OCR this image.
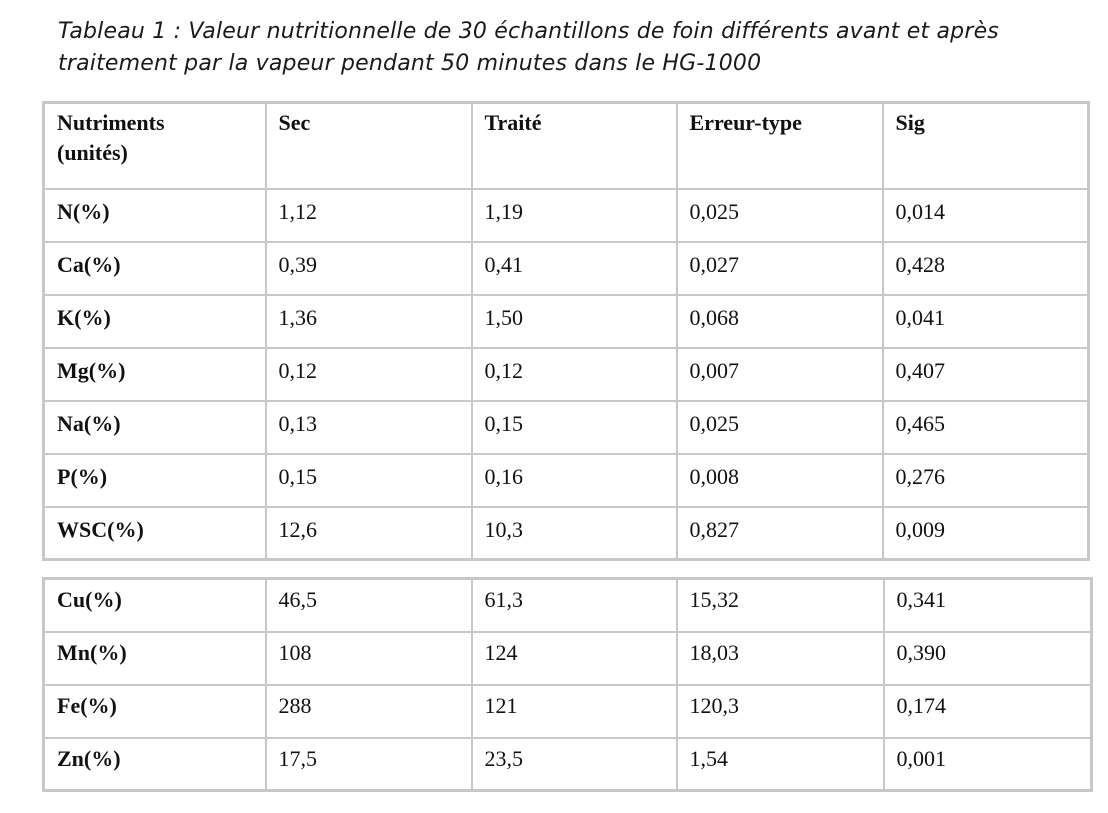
Tableau 1 : Valeur nutritionnelle de 30 échantillons de foin différents avant et après
traitement par la vapeur pendant 50 minutes dans le HG-1000

Nutriments
(unités)	Sec	Traité	Erreur-type	Sig
N(%)	1,12	1,19	0,025	0,014
Ca(%)	0,39	0,41	0,027	0,428
K(%)	1,36	1,50	0,068	0,041
Mg(%)	0,12	0,12	0,007	0,407
Na(%)	0,13	0,15	0,025	0,465
P(%)	0,15	0,16	0,008	0,276
WSC(%)	12,6	10,3	0,827	0,009
Cu(%)	46,5	61,3	15,32	0,341
Mn(%)	108	124	18,03	0,390
Fe(%)	288	121	120,3	0,174
Zn(%)	17,5	23,5	1,54	0,001
